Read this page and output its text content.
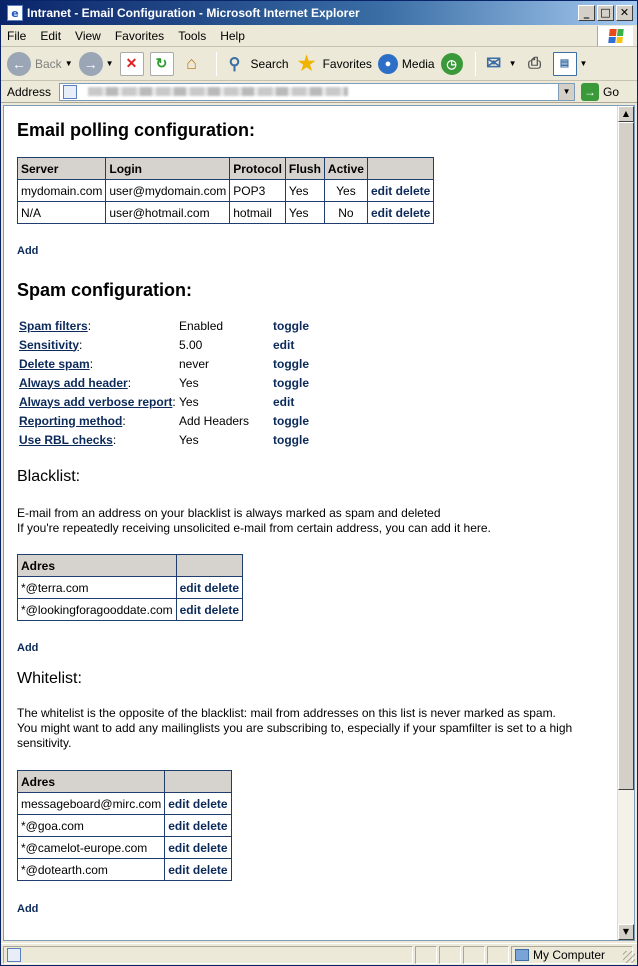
e Intranet - Email Configuration - Microsoft Internet Explorer	_	□ ✕
File Edit View Favorites Tools Help
← Back ▼ →	▼ ✕	↻	⌂	⚲ Search ★ Favorites	● Media ◷	✉ ▼ ⎙	▤	▼
Address	▼ → Go
Email polling configuration:
Server	Login	Protocol	Flush	Active	
mydomain.com	user@mydomain.com	POP3	Yes	Yes	edit delete
N/A	user@hotmail.com	hotmail	Yes	No	edit delete
Add
Spam configuration:
Spam filters:	Enabled	toggle
Sensitivity:	5.00	edit
Delete spam:	never	toggle
Always add header:	Yes	toggle
Always add verbose report:	Yes	edit
Reporting method:	Add Headers	toggle
Use RBL checks:	Yes	toggle
Blacklist:

E-mail from an address on your blacklist is always marked as spam and deleted

If you're repeatedly receiving unsolicited e-mail from certain address, you can add it here.

Adres	
*@terra.com	edit delete
*@lookingforagooddate.com	edit delete
Add
Whitelist:

The whitelist is the opposite of the blacklist: mail from addresses on this list is never marked as spam.

You might want to add any mailinglists you are subscribing to, especially if your spamfilter is set to a high sensitivity.

Adres	
messageboard@mirc.com	edit delete
*@goa.com	edit delete
*@camelot-europe.com	edit delete
*@dotearth.com	edit delete
Add
▲
▼
My Computer
